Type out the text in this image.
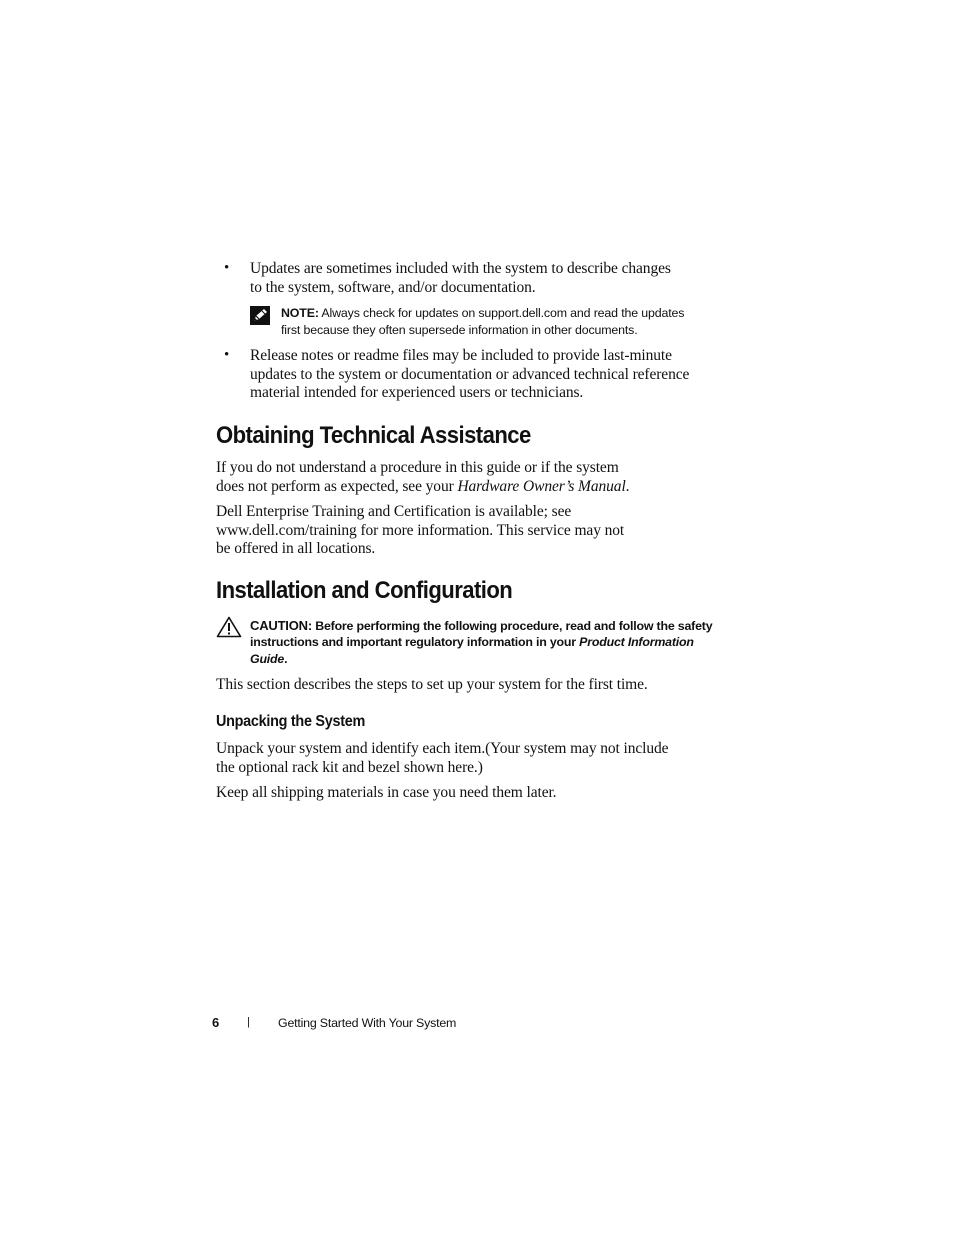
• Updates are sometimes included with the system to describe changes
to the system, software, and/or documentation.
NOTE: Always check for updates on support.dell.com and read the updates
first because they often supersede information in other documents.
• Release notes or readme files may be included to provide last-minute
updates to the system or documentation or advanced technical reference
material intended for experienced users or technicians.
Obtaining Technical Assistance
If you do not understand a procedure in this guide or if the system
does not perform as expected, see your Hardware Owner’s Manual.
Dell Enterprise Training and Certification is available; see
www.dell.com/training for more information. This service may not
be offered in all locations.
Installation and Configuration
CAUTION: Before performing the following procedure, read and follow the safety
instructions and important regulatory information in your Product Information
Guide.
This section describes the steps to set up your system for the first time.
Unpacking the System
Unpack your system and identify each item.(Your system may not include
the optional rack kit and bezel shown here.)
Keep all shipping materials in case you need them later.
6	| Getting Started With Your System
